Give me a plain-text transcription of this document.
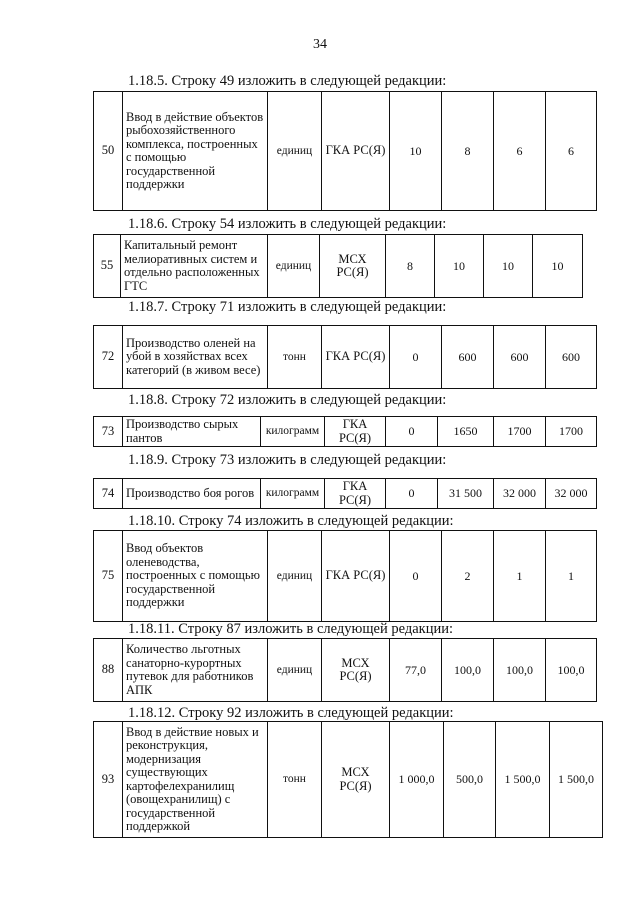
34
1.18.5. Строку 49 изложить в следующей редакции:
50	Ввод в действие объектов рыбохозяйственного комплекса, построенных с помощью государственной поддержки	единиц	ГКА РС(Я)	10	8	6	6
1.18.6. Строку 54 изложить в следующей редакции:
55	Капитальный ремонт мелиоративных систем и отдельно расположенных ГТС	единиц	МСХ РС(Я)	8	10	10	10
1.18.7. Строку 71 изложить в следующей редакции:
72	Производство оленей на убой в хозяйствах всех категорий (в живом весе)	тонн	ГКА РС(Я)	0	600	600	600
1.18.8. Строку 72 изложить в следующей редакции:
73	Производство сырых пантов	килограмм	ГКА РС(Я)	0	1650	1700	1700
1.18.9. Строку 73 изложить в следующей редакции:
74	Производство боя рогов	килограмм	ГКА РС(Я)	0	31 500	32 000	32 000
1.18.10. Строку 74 изложить в следующей редакции:
75	Ввод объектов оленеводства, построенных с помощью государственной поддержки	единиц	ГКА РС(Я)	0	2	1	1
1.18.11. Строку 87 изложить в следующей редакции:
88	Количество льготных санаторно-курортных путевок для работников АПК	единиц	МСХ РС(Я)	77,0	100,0	100,0	100,0
1.18.12. Строку 92 изложить в следующей редакции:
93	Ввод в действие новых и реконструкция, модернизация существующих картофелехранилищ (овощехранилищ) с государственной поддержкой	тонн	МСХ РС(Я)	1 000,0	500,0	1 500,0	1 500,0
